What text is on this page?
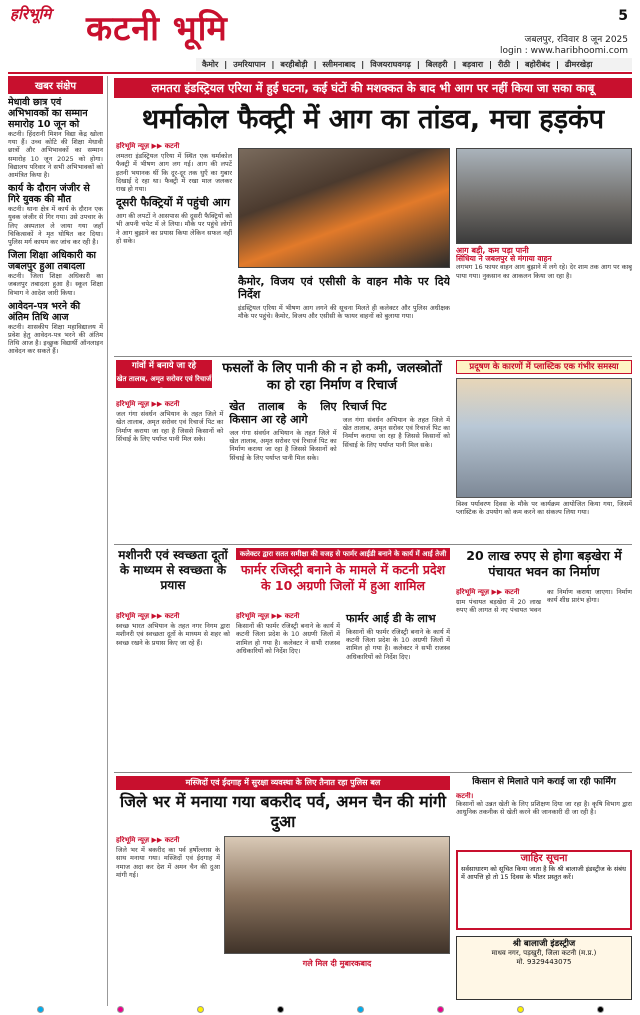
हरिभूमि कटनी भूमि	5
जबलपुर, रविवार 8 जून 2025
login : www.haribhoomi.com
कैमोर | उमरियापान | बरहीबोड़ी | स्लीमनाबाद | विजयराघवगढ़ | बिलहरी | बड़वारा | रीठी | बहोरीबंद | ढीमरखेड़ा
खबर संक्षेप
मेधावी छात्र एवं अभिभावकों का सम्मान समारोह 10 जून को

कटनी। हिंदरानी मिशन विद्या केंद्र खोला गया हैं। उच्च कोटि की शिक्षा मेधावी छात्रों और अभिभावकों का सम्मान समारोह 10 जून 2025 को होगा। विद्यालय परिवार ने सभी अभिभावकों को आमंत्रित किया है।

कार्य के दौरान जंजीर से गिरे युवक की मौत

कटनी। थाना क्षेत्र में कार्य के दौरान एक युवक जंजीर से गिर गया। उसे उपचार के लिए अस्पताल ले जाया गया जहाँ चिकित्सकों ने मृत घोषित कर दिया। पुलिस मर्ग कायम कर जांच कर रही है।

जिला शिक्षा अधिकारी का जबलपुर हुआ तबादला

कटनी। जिला शिक्षा अधिकारी का जबलपुर तबादला हुआ है। स्कूल शिक्षा विभाग ने आदेश जारी किया।

आवेदन-पत्र भरने की अंतिम तिथि आज

कटनी। शासकीय शिक्षा महाविद्यालय में प्रवेश हेतु आवेदन-पत्र भरने की अंतिम तिथि आज है। इच्छुक विद्यार्थी ऑनलाइन आवेदन कर सकते हैं।

लमतरा इंडस्ट्रियल एरिया में हुई घटना, कई घंटों की मशक्कत के बाद भी आग पर नहीं किया जा सका काबू
थर्माकोल फैक्ट्री में आग का तांडव, मचा हड़कंप
हरिभूमि न्यूज़ ▶▶ कटनी

लमतरा इंडस्ट्रियल एरिया में स्थित एक थर्माकोल फैक्ट्री में भीषण आग लग गई। आग की लपटें इतनी भयानक थीं कि दूर-दूर तक धुएँ का गुबार दिखाई दे रहा था। फैक्ट्री में रखा माल जलकर राख हो गया।

दूसरी फैक्ट्रियों में पहुंची आग

आग की लपटों ने आसपास की दूसरी फैक्ट्रियों को भी अपनी चपेट में ले लिया। मौके पर पहुंचे लोगों ने आग बुझाने का प्रयास किया लेकिन सफल नहीं हो सके।

कैमोर, विजय एवं एसीसी के वाहन मौके पर दिये निर्देश

इंडस्ट्रियल एरिया में भीषण आग लगने की सूचना मिलते ही कलेक्टर और पुलिस अधीक्षक मौके पर पहुंचे। कैमोर, विजय और एसीसी के फायर वाहनों को बुलाया गया।

आग बड़ी, कम पड़ा पानी
सिंधिया ने जबलपुर से मंगाया वाहन

लगभग 16 फायर वाहन आग बुझाने में लगे रहे। देर शाम तक आग पर काबू पाया गया। नुकसान का आकलन किया जा रहा है।

गांवों में बनाये जा रहे
खेत तालाब, अमृत सरोवर एवं रिचार्ज पिट
फसलों के लिए पानी की न हो कमी, जलस्त्रोतों का हो रहा निर्माण व रिचार्ज
हरिभूमि न्यूज़ ▶▶ कटनी

जल गंगा संवर्धन अभियान के तहत जिले में खेत तालाब, अमृत सरोवर एवं रिचार्ज पिट का निर्माण कराया जा रहा है जिससे किसानों को सिंचाई के लिए पर्याप्त पानी मिल सके।

खेत तालाब के लिए किसान आ रहे आगे

जल गंगा संवर्धन अभियान के तहत जिले में खेत तालाब, अमृत सरोवर एवं रिचार्ज पिट का निर्माण कराया जा रहा है जिससे किसानों को सिंचाई के लिए पर्याप्त पानी मिल सके।

रिचार्ज पिट

जल गंगा संवर्धन अभियान के तहत जिले में खेत तालाब, अमृत सरोवर एवं रिचार्ज पिट का निर्माण कराया जा रहा है जिससे किसानों को सिंचाई के लिए पर्याप्त पानी मिल सके।

प्रदूषण के कारणों में प्लास्टिक एक गंभीर समस्या

विश्व पर्यावरण दिवस के मौके पर कार्यक्रम आयोजित किया गया, जिसमें प्लास्टिक के उपयोग को कम करने का संकल्प लिया गया।

मशीनरी एवं स्वच्छता दूतों के माध्यम से स्वच्छता के प्रयास
हरिभूमि न्यूज़ ▶▶ कटनी

स्वच्छ भारत अभियान के तहत नगर निगम द्वारा मशीनरी एवं स्वच्छता दूतों के माध्यम से शहर को स्वच्छ रखने के प्रयास किए जा रहे हैं।

कलेक्टर द्वारा सतत समीक्षा की वजह से फार्मर आईडी बनाने के कार्य में आई तेजी
फार्मर रजिस्ट्री बनाने के मामले में कटनी प्रदेश के 10 अग्रणी जिलों में हुआ शामिल
हरिभूमि न्यूज़ ▶▶ कटनी

किसानों की फार्मर रजिस्ट्री बनाने के कार्य में कटनी जिला प्रदेश के 10 अग्रणी जिलों में शामिल हो गया है। कलेक्टर ने सभी राजस्व अधिकारियों को निर्देश दिए।

फार्मर आई डी के लाभ

किसानों की फार्मर रजिस्ट्री बनाने के कार्य में कटनी जिला प्रदेश के 10 अग्रणी जिलों में शामिल हो गया है। कलेक्टर ने सभी राजस्व अधिकारियों को निर्देश दिए।

20 लाख रुपए से होगा बड़खेरा में पंचायत भवन का निर्माण
हरिभूमि न्यूज़ ▶▶ कटनी

ग्राम पंचायत बड़खेरा में 20 लाख रुपए की लागत से नए पंचायत भवन का निर्माण कराया जाएगा। निर्माण कार्य शीघ्र प्रारंभ होगा।

मस्जिदों एवं ईदगाह में सुरक्षा व्यवस्था के लिए तैनात रहा पुलिस बल
जिले भर में मनाया गया बकरीद पर्व, अमन चैन की मांगी दुआ
हरिभूमि न्यूज़ ▶▶ कटनी

जिले भर में बकरीद का पर्व हर्षोल्लास के साथ मनाया गया। मस्जिदों एवं ईदगाह में नमाज अदा कर देश में अमन चैन की दुआ मांगी गई।

गले मिल दी मुबारकबाद
किसान से मिलाते पाने कराई जा रही फार्मिंग
कटनी।

किसानों को उन्नत खेती के लिए प्रशिक्षण दिया जा रहा है। कृषि विभाग द्वारा आधुनिक तकनीक से खेती करने की जानकारी दी जा रही है।

जाहिर सूचना

सर्वसाधारण को सूचित किया जाता है कि श्री बालाजी इंडस्ट्रीज के संबंध में आपत्ति हो तो 15 दिवस के भीतर प्रस्तुत करें।

श्री बालाजी इंडस्ट्रीज
माधव नगर, पड़खुरी, जिला कटनी (म.प्र.)
मो. 9329443075
